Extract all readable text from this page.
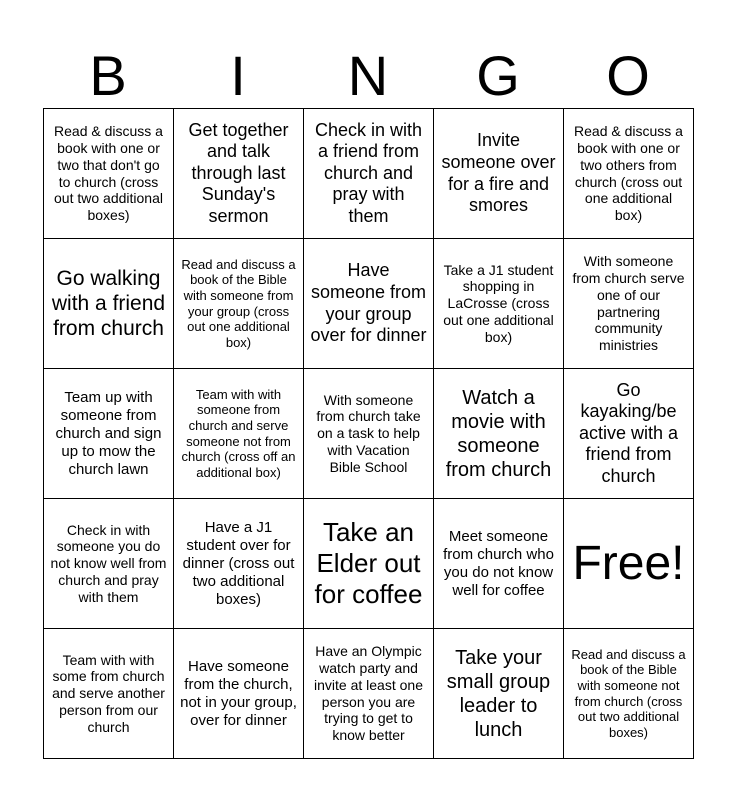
B	I	N	G	O
Read & discuss a book with one or two that don't go to church (cross out two additional boxes)	Get together and talk through last Sunday's sermon	Check in with a friend from church and pray with them	Invite someone over for a fire and smores	Read & discuss a book with one or two others from church (cross out one additional box)
Go walking with a friend from church	Read and discuss a book of the Bible with someone from your group (cross out one additional box)	Have someone from your group over for dinner	Take a J1 student shopping in LaCrosse (cross out one additional box)	With someone from church serve one of our partnering community ministries
Team up with someone from church and sign up to mow the church lawn	Team with with someone from church and serve someone not from church (cross off an additional box)	With someone from church take on a task to help with Vacation Bible School	Watch a movie with someone from church	Go kayaking/be active with a friend from church
Check in with someone you do not know well from church and pray with them	Have a J1 student over for dinner (cross out two additional boxes)	Take an Elder out for coffee	Meet someone from church who you do not know well for coffee	Free!
Team with with some from church and serve another person from our church	Have someone from the church, not in your group, over for dinner	Have an Olympic watch party and invite at least one person you are trying to get to know better	Take your small group leader to lunch	Read and discuss a book of the Bible with someone not from church (cross out two additional boxes)
